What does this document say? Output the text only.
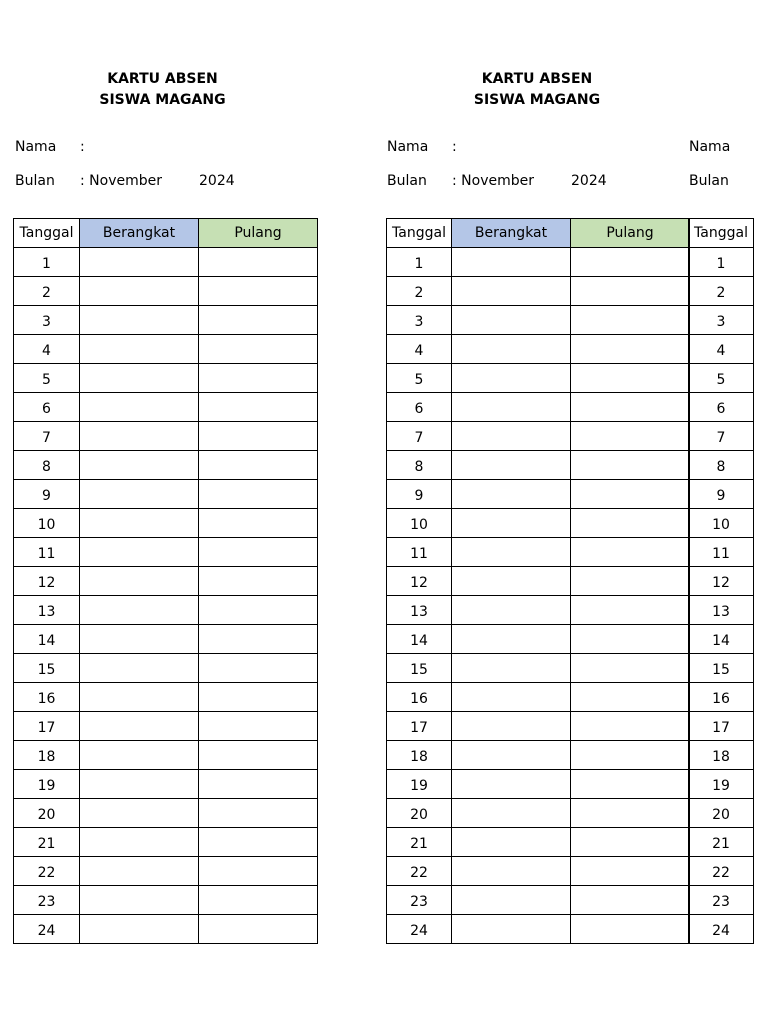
KARTU ABSEN
SISWA MAGANG
Nama :
Bulan : November	2024
Tanggal	Berangkat	Pulang
1		
2		
3		
4		
5		
6		
7		
8		
9		
10		
11		
12		
13		
14		
15		
16		
17		
18		
19		
20		
21		
22		
23		
24		
KARTU ABSEN
SISWA MAGANG
Nama :
Bulan : November	2024
Tanggal	Berangkat	Pulang
1		
2		
3		
4		
5		
6		
7		
8		
9		
10		
11		
12		
13		
14		
15		
16		
17		
18		
19		
20		
21		
22		
23		
24		
Nama
Bulan
Tanggal
1
2
3
4
5
6
7
8
9
10
11
12
13
14
15
16
17
18
19
20
21
22
23
24
